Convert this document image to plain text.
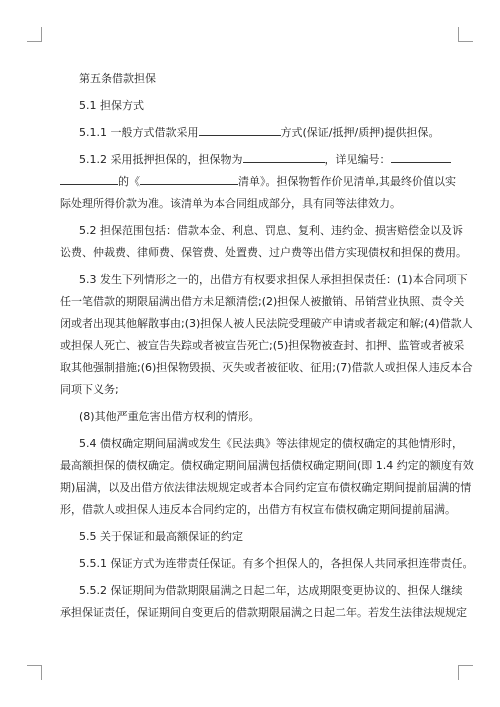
第五条借款担保
5.1 担保方式
5.1.1 一般方式借款采用	方式(保证/抵押/质押)提供担保。
5.1.2 采用抵押担保的，担保物为	，详见编号：
的《	清单》。担保物暂作价见清单,其最终价值以实
际处理所得价款为准。该清单为本合同组成部分，具有同等法律效力。
5.2 担保范围包括：借款本金、利息、罚息、复利、违约金、损害赔偿金以及诉
讼费、仲裁费、律师费、保管费、处置费、过户费等出借方实现债权和担保的费用。
5.3 发生下列情形之一的，出借方有权要求担保人承担担保责任：(1)本合同项下
任一笔借款的期限届满出借方未足额清偿;(2)担保人被撤销、吊销营业执照、责令关
闭或者出现其他解散事由;(3)担保人被人民法院受理破产申请或者裁定和解;(4)借款人
或担保人死亡、被宣告失踪或者被宣告死亡;(5)担保物被查封、扣押、监管或者被采
取其他强制措施;(6)担保物毁损、灭失或者被征收、征用;(7)借款人或担保人违反本合
同项下义务;
(8)其他严重危害出借方权利的情形。
5.4 债权确定期间届满或发生《民法典》等法律规定的债权确定的其他情形时，
最高额担保的债权确定。债权确定期间届满包括债权确定期间(即 1.4 约定的额度有效
期)届满，以及出借方依法律法规规定或者本合同约定宣布债权确定期间提前届满的情
形，借款人或担保人违反本合同约定的，出借方有权宣布债权确定期间提前届满。
5.5 关于保证和最高额保证的约定
5.5.1 保证方式为连带责任保证。有多个担保人的，各担保人共同承担连带责任。
5.5.2 保证期间为借款期限届满之日起二年，达成期限变更协议的、担保人继续
承担保证责任，保证期间自变更后的借款期限届满之日起二年。若发生法律法规规定
